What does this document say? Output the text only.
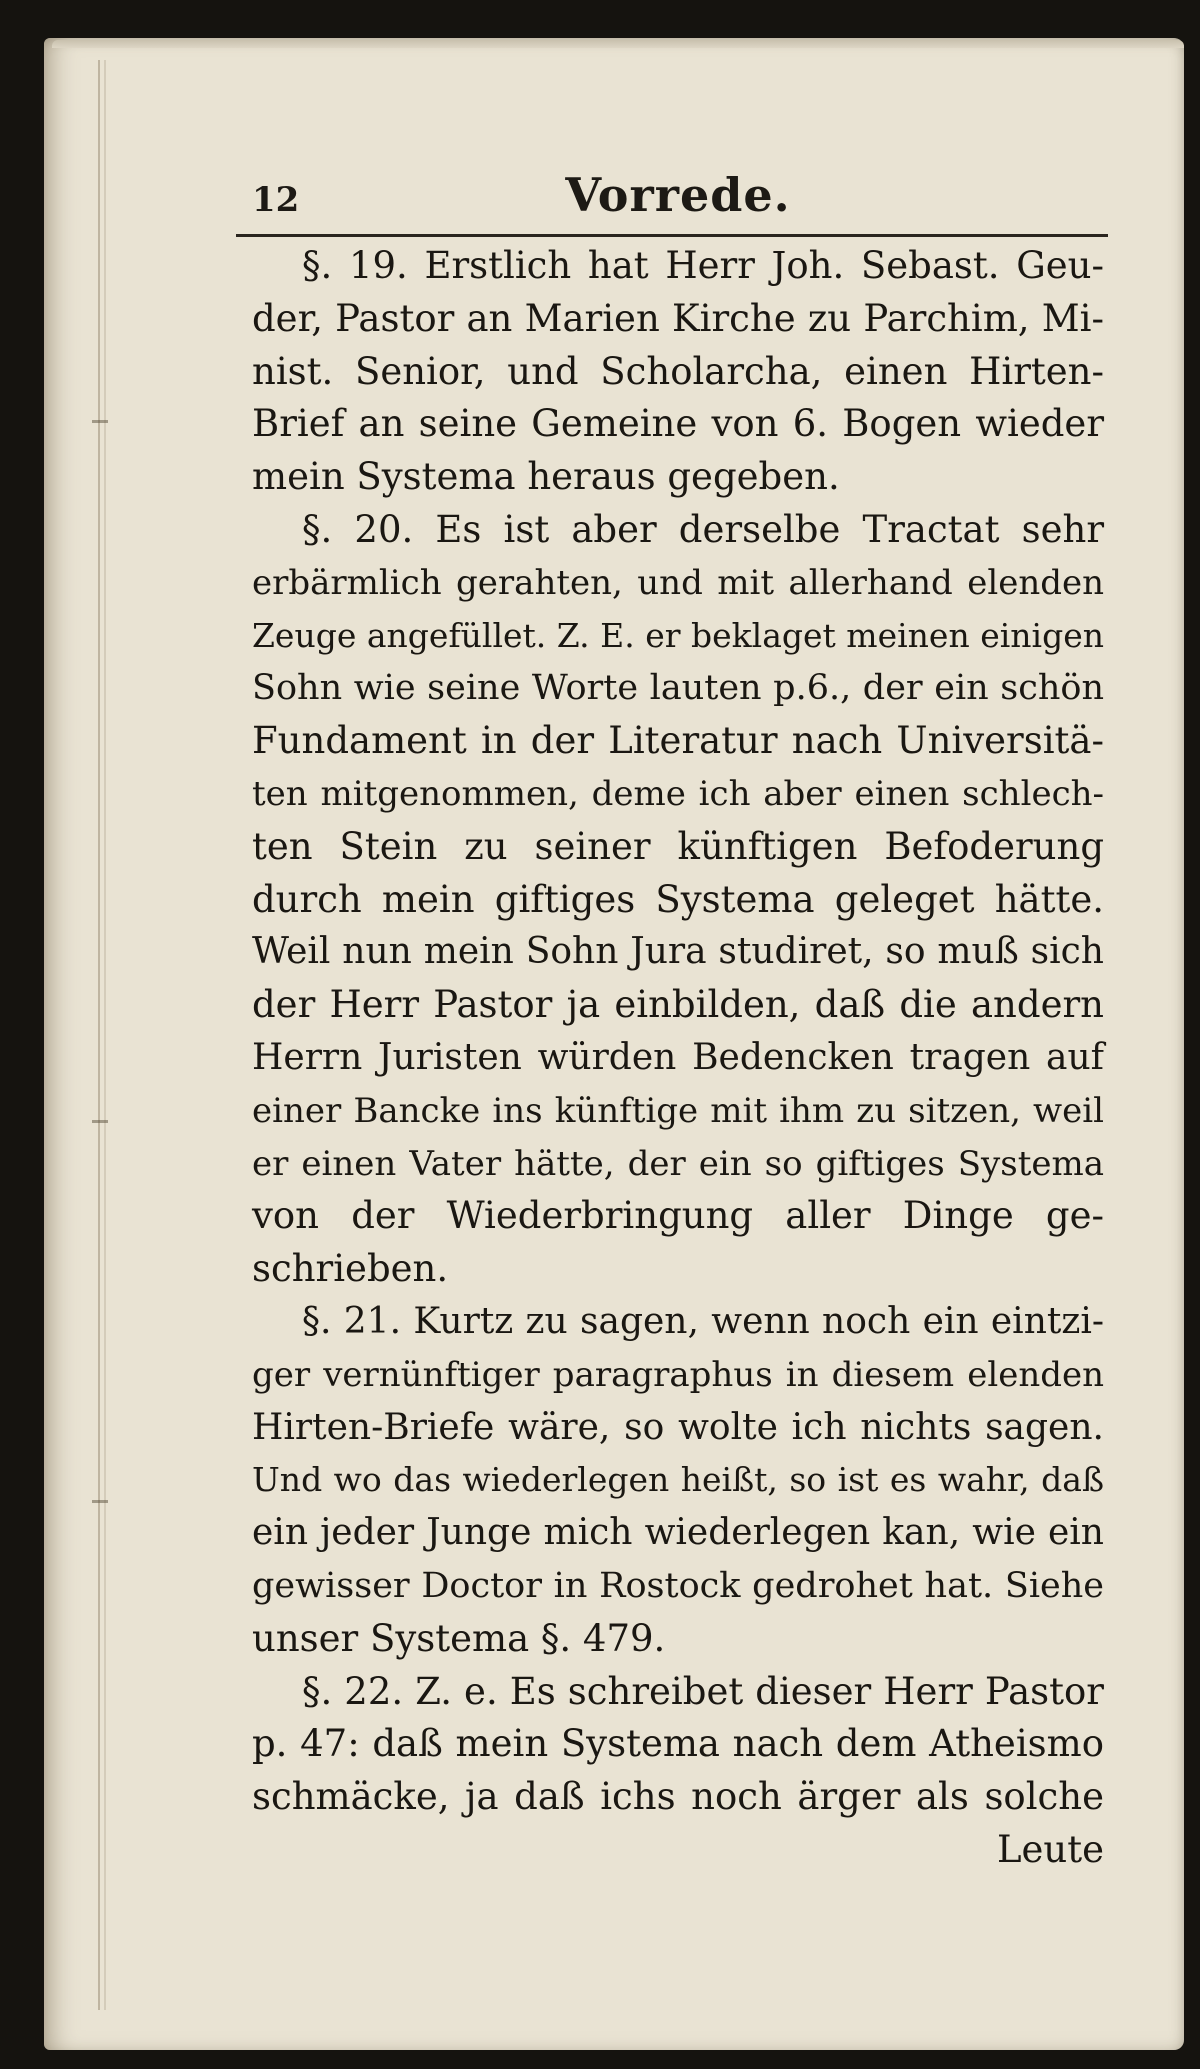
12	Vorrede.
§. 19. Erstlich hat Herr Joh. Sebast. Geu-
der, Pastor an Marien Kirche zu Parchim, Mi-
nist. Senior, und Scholarcha, einen Hirten-
Brief an seine Gemeine von 6. Bogen wieder
mein Systema heraus gegeben.
§. 20. Es ist aber derselbe Tractat sehr
erbärmlich gerahten, und mit allerhand elenden
Zeuge angefüllet. Z. E. er beklaget meinen einigen
Sohn wie seine Worte lauten p.6., der ein schön
Fundament in der Literatur nach Universitä-
ten mitgenommen, deme ich aber einen schlech-
ten Stein zu seiner künftigen Befoderung
durch mein giftiges Systema geleget hätte.
Weil nun mein Sohn Jura studiret, so muß sich
der Herr Pastor ja einbilden, daß die andern
Herrn Juristen würden Bedencken tragen auf
einer Bancke ins künftige mit ihm zu sitzen, weil
er einen Vater hätte, der ein so giftiges Systema
von der Wiederbringung aller Dinge ge-
schrieben.
§. 21. Kurtz zu sagen, wenn noch ein eintzi-
ger vernünftiger paragraphus in diesem elenden
Hirten-Briefe wäre, so wolte ich nichts sagen.
Und wo das wiederlegen heißt, so ist es wahr, daß
ein jeder Junge mich wiederlegen kan, wie ein
gewisser Doctor in Rostock gedrohet hat. Siehe
unser Systema §. 479.
§. 22. Z. e. Es schreibet dieser Herr Pastor
p. 47: daß mein Systema nach dem Atheismo
schmäcke, ja daß ichs noch ärger als solche
Leute
